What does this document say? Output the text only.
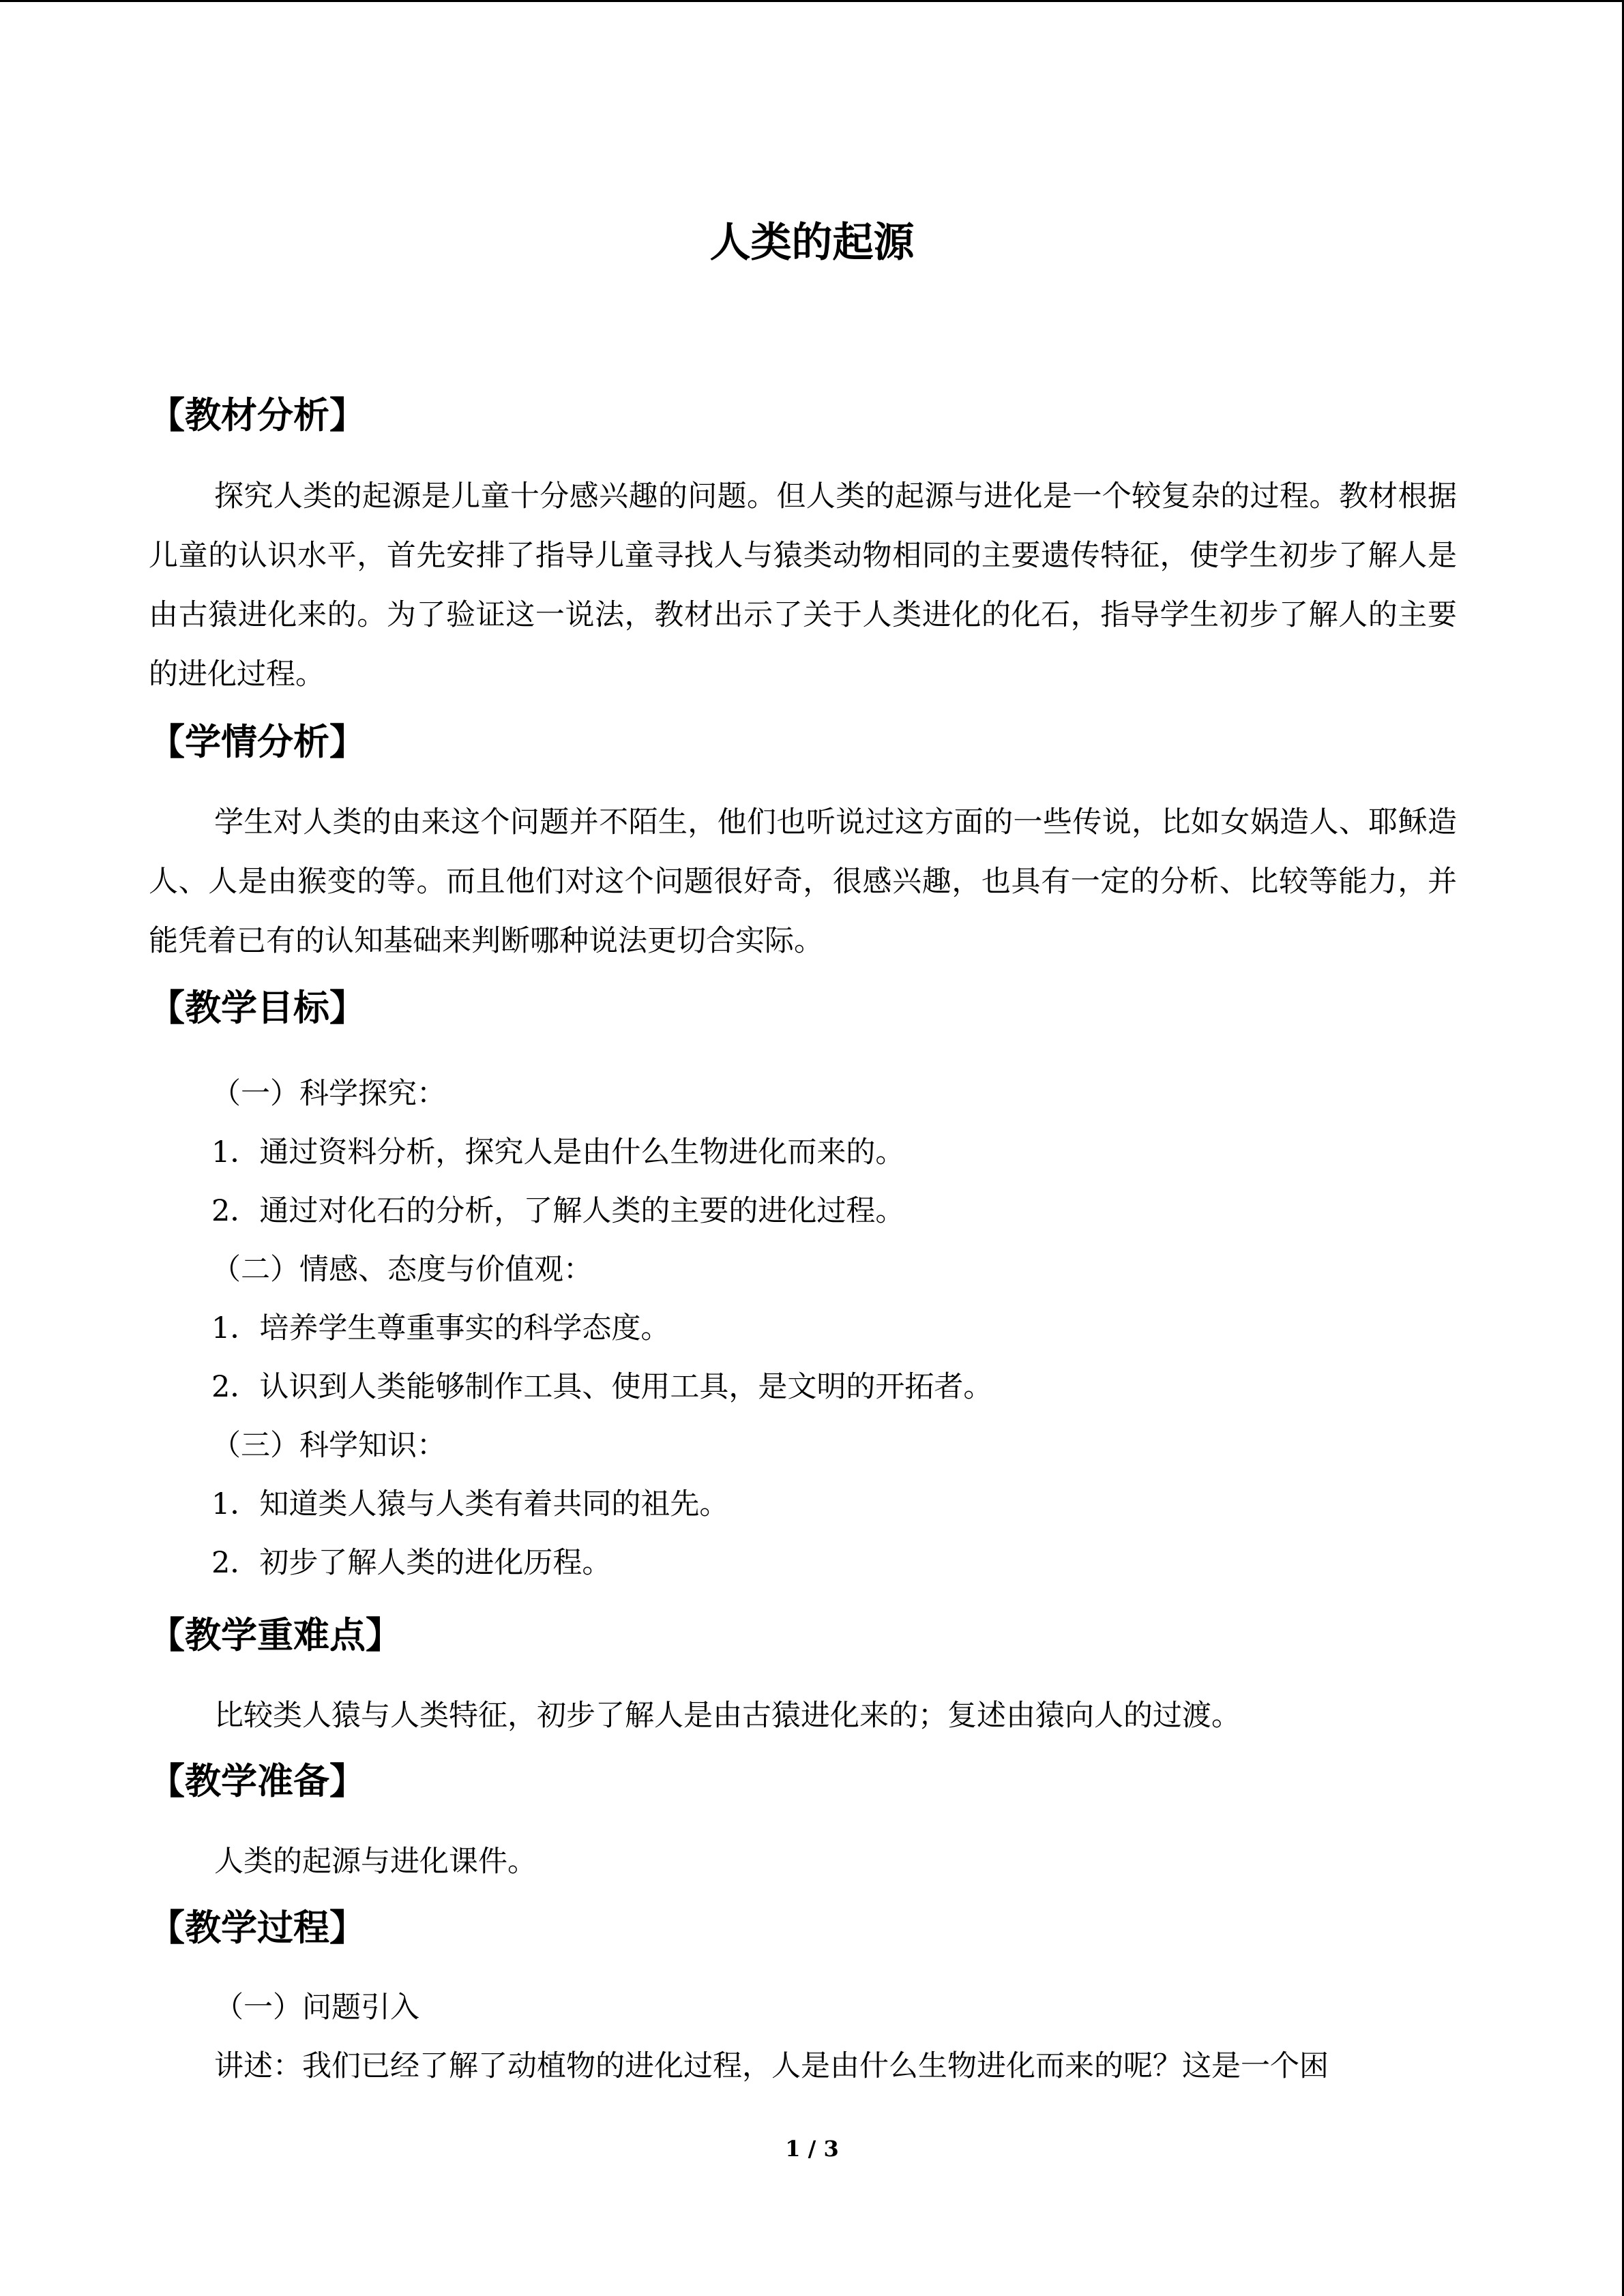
人类的起源
【教材分析】
探究人类的起源是儿童十分感兴趣的问题。但人类的起源与进化是一个较复杂的过程。教材根据儿童的认识水平，首先安排了指导儿童寻找人与猿类动物相同的主要遗传特征，使学生初步了解人是由古猿进化来的。为了验证这一说法，教材出示了关于人类进化的化石，指导学生初步了解人的主要的进化过程。
【学情分析】
学生对人类的由来这个问题并不陌生，他们也听说过这方面的一些传说，比如女娲造人、耶稣造人、人是由猴变的等。而且他们对这个问题很好奇，很感兴趣，也具有一定的分析、比较等能力，并能凭着已有的认知基础来判断哪种说法更切合实际。
【教学目标】
（一）科学探究：
1．通过资料分析，探究人是由什么生物进化而来的。
2．通过对化石的分析，了解人类的主要的进化过程。
（二）情感、态度与价值观：
1．培养学生尊重事实的科学态度。
2．认识到人类能够制作工具、使用工具，是文明的开拓者。
（三）科学知识：
1．知道类人猿与人类有着共同的祖先。
2．初步了解人类的进化历程。
【教学重难点】
比较类人猿与人类特征，初步了解人是由古猿进化来的；复述由猿向人的过渡。
【教学准备】
人类的起源与进化课件。
【教学过程】
（一）问题引入
讲述：我们已经了解了动植物的进化过程，人是由什么生物进化而来的呢？这是一个困
1 / 3
